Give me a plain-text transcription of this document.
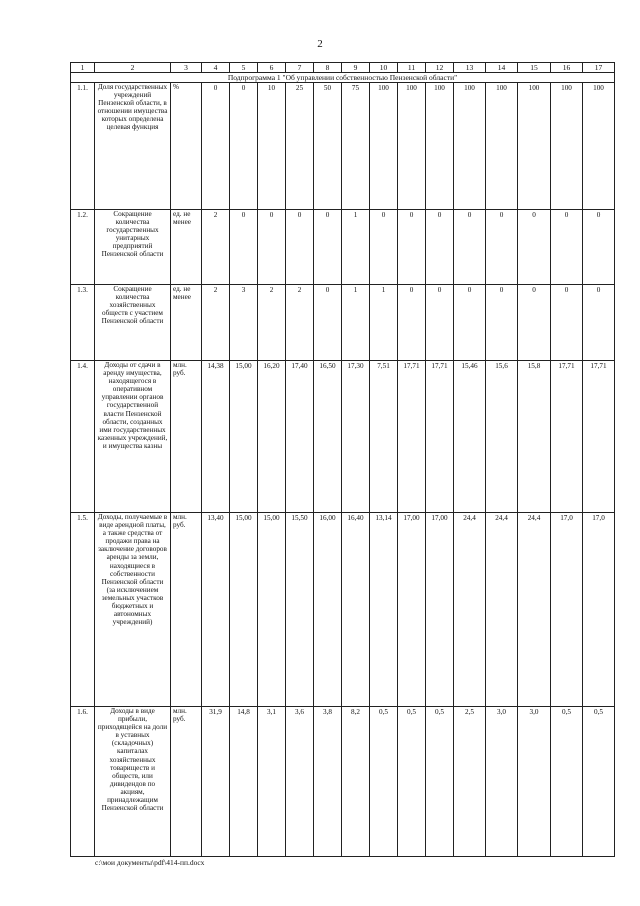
2
1	2	3	4	5	6	7	8	9	10	11	12	13	14	15	16	17
Подпрограмма 1 "Об управлении собственностью Пензенской области"																
1.1.	Доля государственных учреждений Пензенской области, в отношении имущества которых определена целевая функция	%	0	0	10	25	50	75	100	100	100	100	100	100	100	100
1.2.	Сокращение количества государственных унитарных предприятий Пензенской области	ед. не менее	2	0	0	0	0	1	0	0	0	0	0	0	0	0
1.3.	Сокращение количества хозяйственных обществ с участием Пензенской области	ед. не менее	2	3	2	2	0	1	1	0	0	0	0	0	0	0
1.4.	Доходы от сдачи в аренду имущества, находящегося в оперативном управлении органов государственной власти Пензенской области, созданных ими государственных казенных учреждений, и имущества казны	млн. руб.	14,38	15,00	16,20	17,40	16,50	17,30	7,51	17,71	17,71	15,46	15,6	15,8	17,71	17,71
1.5.	Доходы, получаемые в виде арендной платы, а также средства от продажи права на заключение договоров аренды за земли, находящиеся в собственности Пензенской области (за исключением земельных участков бюджетных и автономных учреждений)	млн. руб.	13,40	15,00	15,00	15,50	16,00	16,40	13,14	17,00	17,00	24,4	24,4	24,4	17,0	17,0
1.6.	Доходы в виде прибыли, приходящейся на доли в уставных (складочных) капиталах хозяйственных товариществ и обществ, или дивидендов по акциям, принадлежащим Пензенской области	млн. руб.	31,9	14,8	3,1	3,6	3,8	8,2	0,5	0,5	0,5	2,5	3,0	3,0	0,5	0,5
c:\мои документы\pdf\414-пп.docx
